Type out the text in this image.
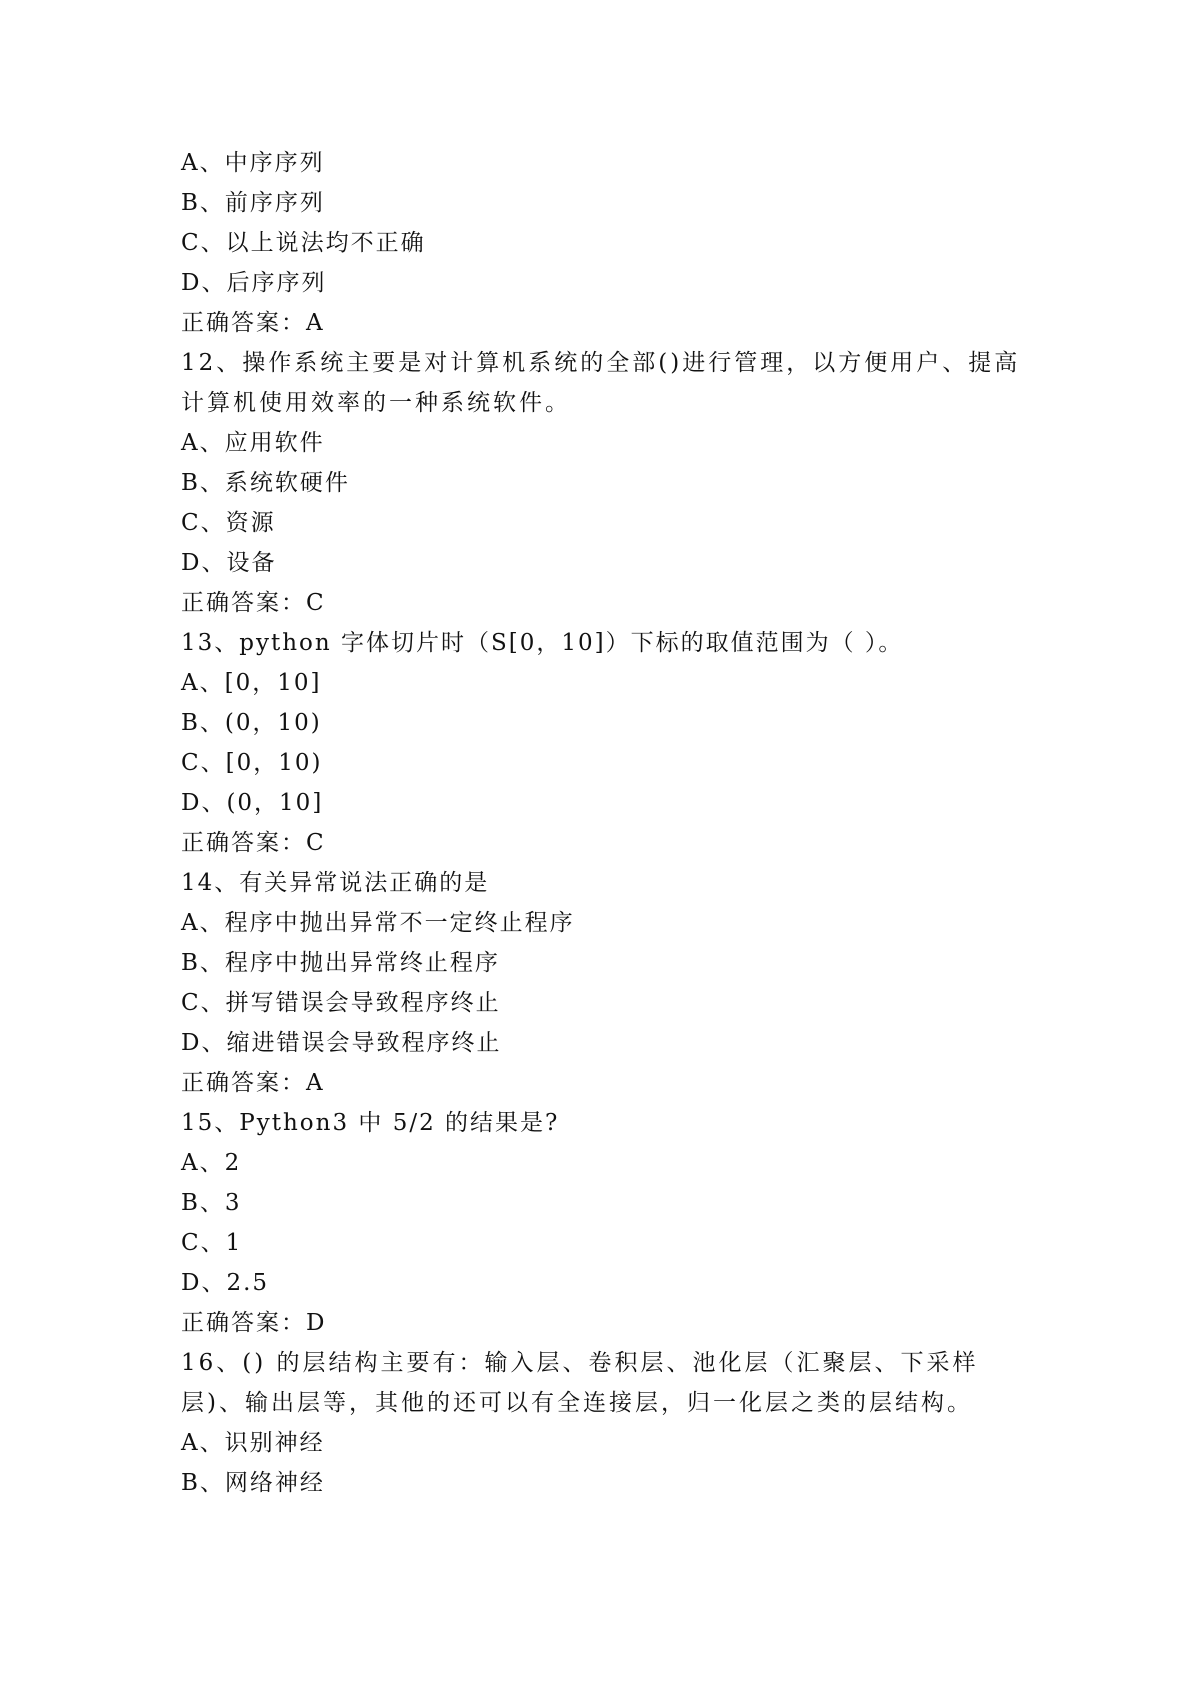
A、中序序列
B、前序序列
C、以上说法均不正确
D、后序序列
正确答案：A
12、操作系统主要是对计算机系统的全部()进行管理，以方便用户、提高计算机使用效率的一种系统软件。
A、应用软件
B、系统软硬件
C、资源
D、设备
正确答案：C
13、python 字体切片时（S[0，10]）下标的取值范围为（ ）。
A、[0，10]
B、(0，10)
C、[0，10)
D、(0，10]
正确答案：C
14、有关异常说法正确的是
A、程序中抛出异常不一定终止程序
B、程序中抛出异常终止程序
C、拼写错误会导致程序终止
D、缩进错误会导致程序终止
正确答案：A
15、Python3 中 5/2 的结果是?
A、2
B、3
C、1
D、2.5
正确答案：D
16、() 的层结构主要有：输入层、卷积层、池化层（汇聚层、下采样层)、输出层等，其他的还可以有全连接层，归一化层之类的层结构。
A、识别神经
B、网络神经
